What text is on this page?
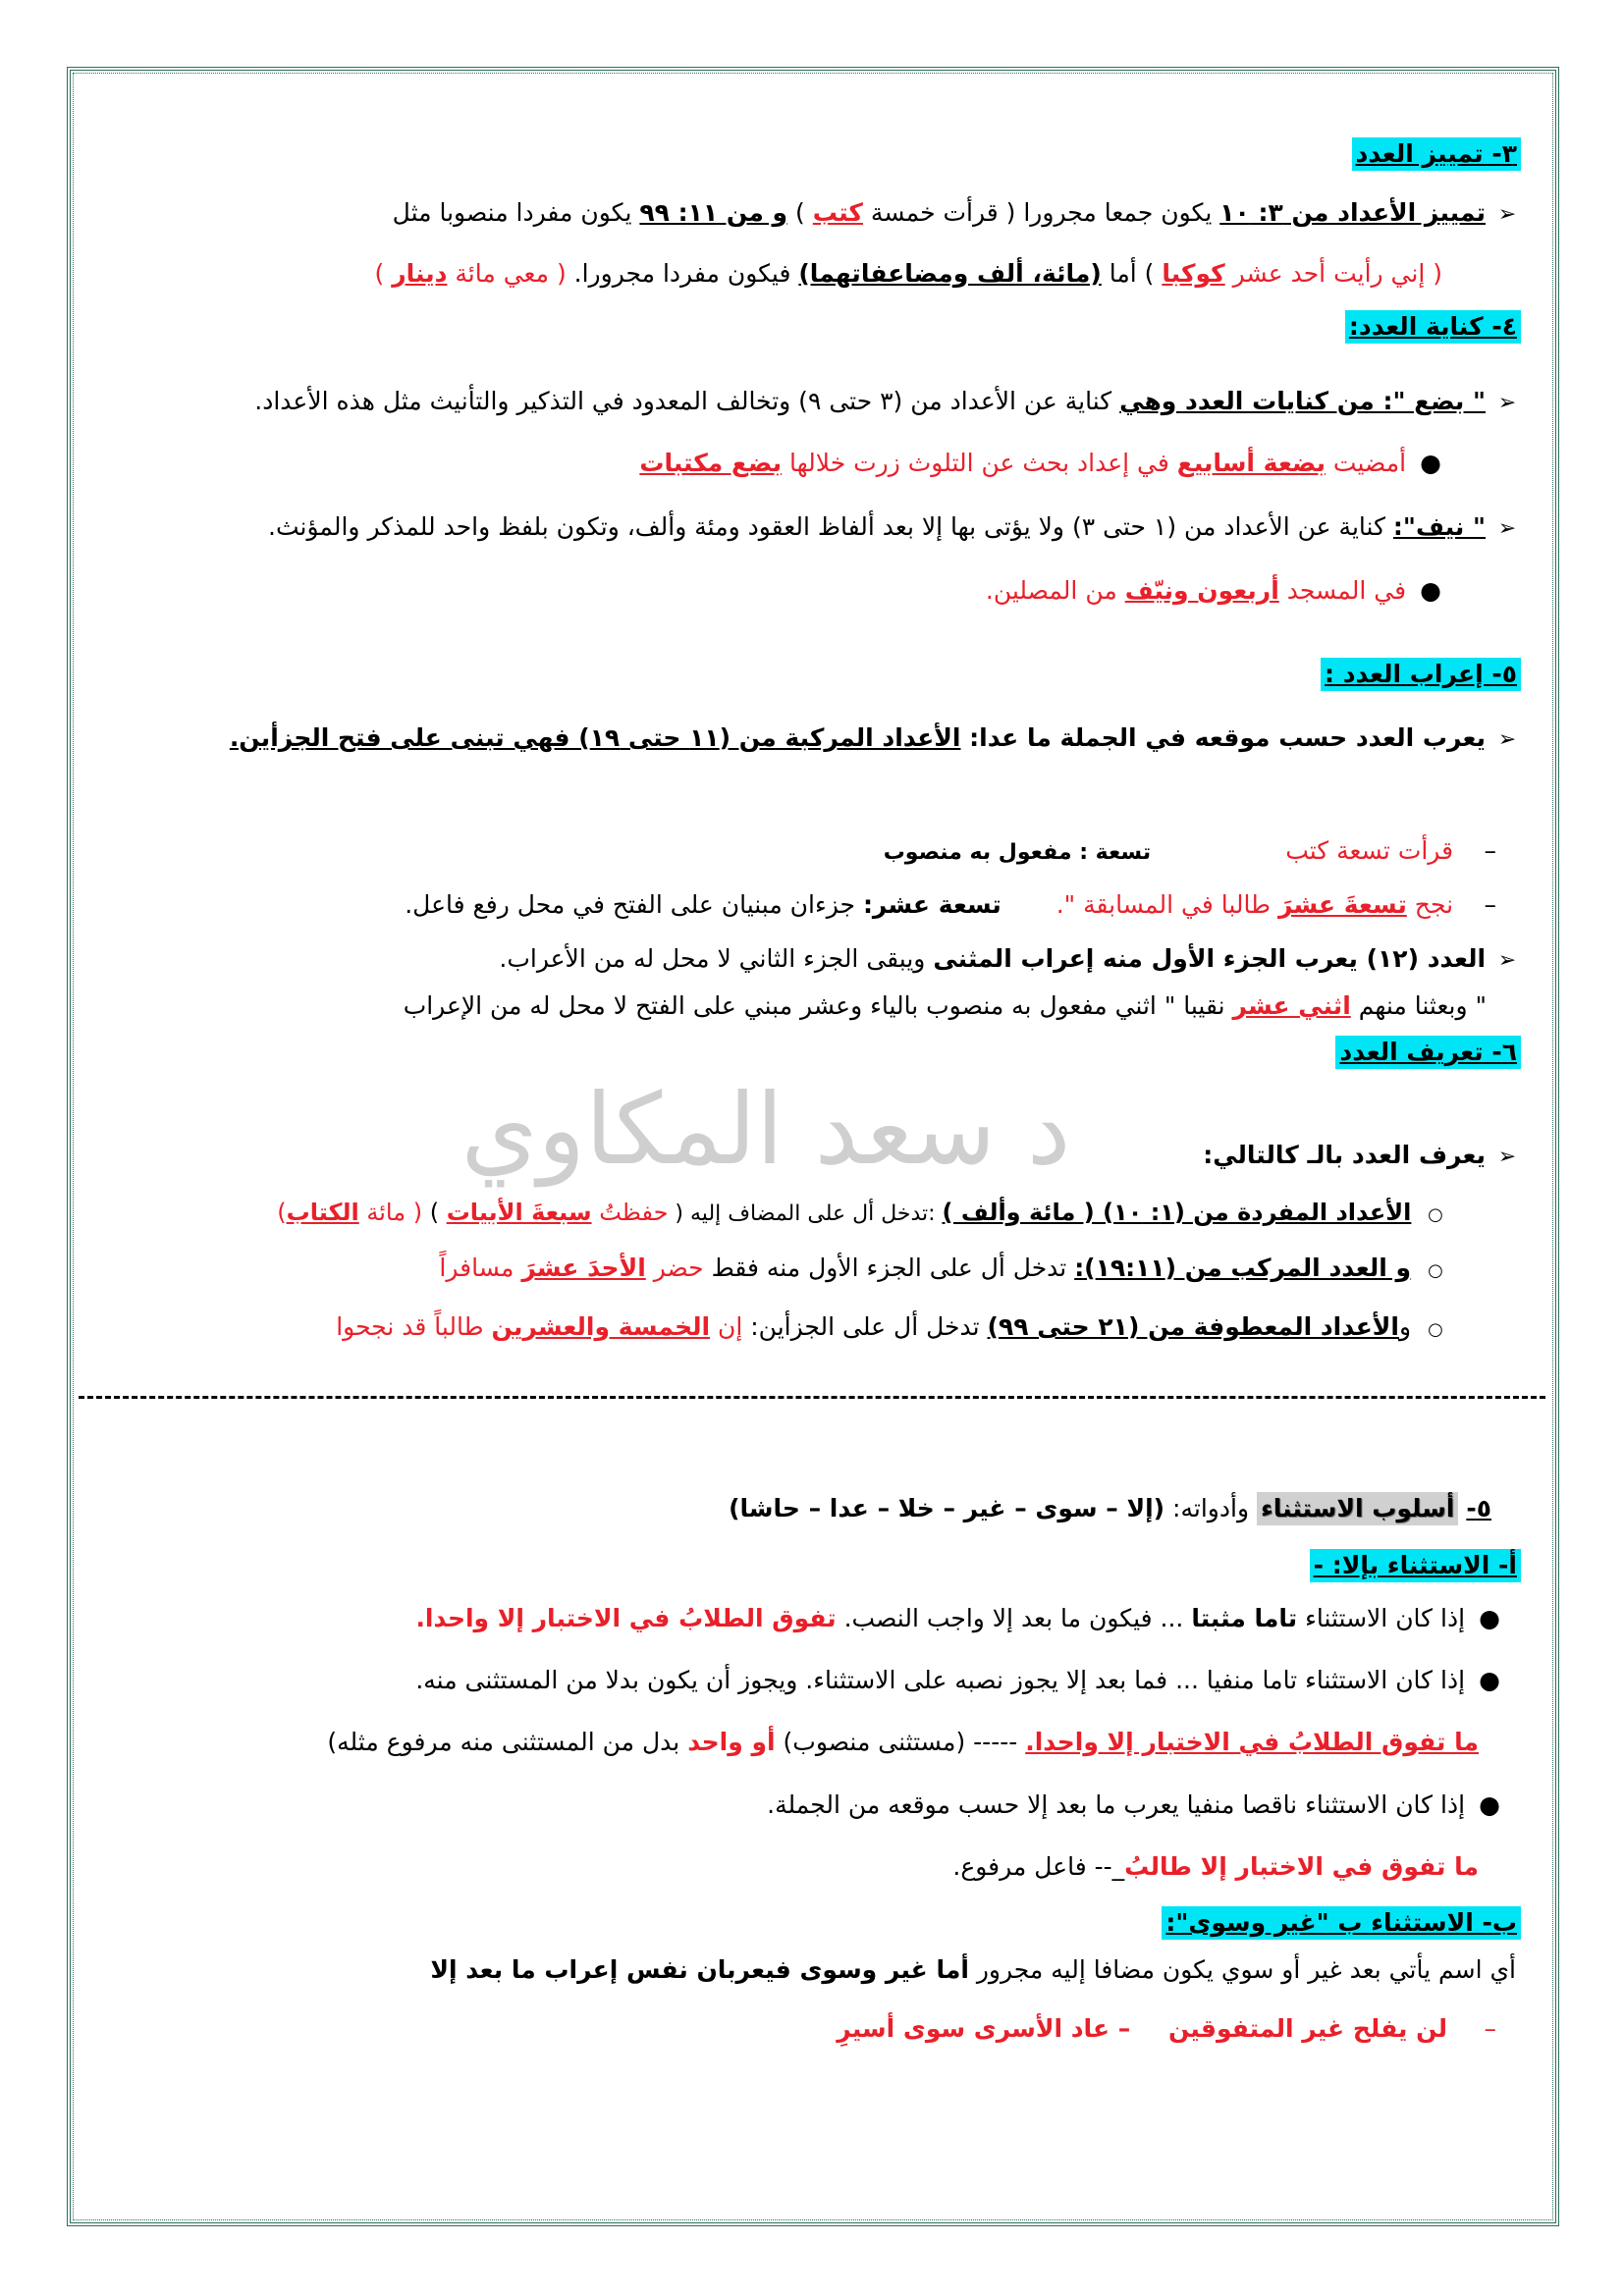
٣- تمييز العدد
➢ تمييز الأعداد من ٣: ١٠ يكون جمعا مجرورا ( قرأت خمسة كتب ) و من ١١: ٩٩ يكون مفردا منصوبا مثل
( إني رأيت أحد عشر كوكبا ) أما (مائة، ألف ومضاعفاتهما) فيكون مفردا مجرورا. ( معي مائة دينار )
٤- كناية العدد:
➢ " بضع ": من كنايات العدد وهي كناية عن الأعداد من (٣ حتى ٩) وتخالف المعدود في التذكير والتأنيث مثل هذه الأعداد.
● أمضيت بضعة أسابيع في إعداد بحث عن التلوث زرت خلالها بضع مكتبات
➢ " نيف": كناية عن الأعداد من (١ حتى ٣) ولا يؤتى بها إلا بعد ألفاظ العقود ومئة وألف، وتكون بلفظ واحد للمذكر والمؤنث.
● في المسجد أربعون ونيّف من المصلين.
٥- إعراب العدد :
➢ يعرب العدد حسب موقعه في الجملة ما عدا: الأعداد المركبة من (١١ حتى ١٩) فهي تبنى على فتح الجزأين.
– قرأت تسعة كتب تسعة : مفعول به منصوب
– نجح تسعةَ عشرَ طالبا في المسابقة ".  تسعة عشر: جزءان مبنيان على الفتح في محل رفع فاعل.
➢ العدد (١٢) يعرب الجزء الأول منه إعراب المثنى ويبقى الجزء الثاني لا محل له من الأعراب.
" وبعثنا منهم اثني عشر نقيبا " اثني مفعول به منصوب بالياء وعشر مبني على الفتح لا محل له من الإعراب
٦- تعريف العدد
د سعد المكاوي	➢ يعرف العدد بالـ كالتالي:
○ الأعداد المفردة من (١: ١٠) ( مائة وألف ) :تدخل أل على المضاف إليه ( حفظتُ سبعةَ الأبيات ) ( مائة الكتاب)
○ و العدد المركب من (١٩:١١): تدخل أل على الجزء الأول منه فقط حضر الأحدَ عشرَ مسافراً
○ والأعداد المعطوفة من (٢١ حتى ٩٩) تدخل أل على الجزأين: إن الخمسة والعشرين طالباً قد نجحوا
٥- أسلوب الاستثناء وأدواته: (إلا – سوى – غير – خلا – عدا – حاشا)
أ- الاستثناء بإلا: -
● إذا كان الاستثناء تاما مثبتا ... فيكون ما بعد إلا واجب النصب. تفوق الطلابُ في الاختبار إلا واحدا.
● إذا كان الاستثناء تاما منفيا ... فما بعد إلا يجوز نصبه على الاستثناء. ويجوز أن يكون بدلا من المستثنى منه.
ما تفوق الطلابُ في الاختبار إلا واحدا. ----- (مستثنى منصوب) أو واحد بدل من المستثنى منه مرفوع مثله)
● إذا كان الاستثناء ناقصا منفيا يعرب ما بعد إلا حسب موقعه من الجملة.
ما تفوق في الاختبار إلا طالبُ_-- فاعل مرفوع.
ب- الاستثناء ب "غير وسوى":
أي اسم يأتي بعد غير أو سوي يكون مضافا إليه مجرور أما غير وسوى فيعربان نفس إعراب ما بعد إلا
– لن يفلح غير المتفوقين – عاد الأسرى سوى أسيرِ
